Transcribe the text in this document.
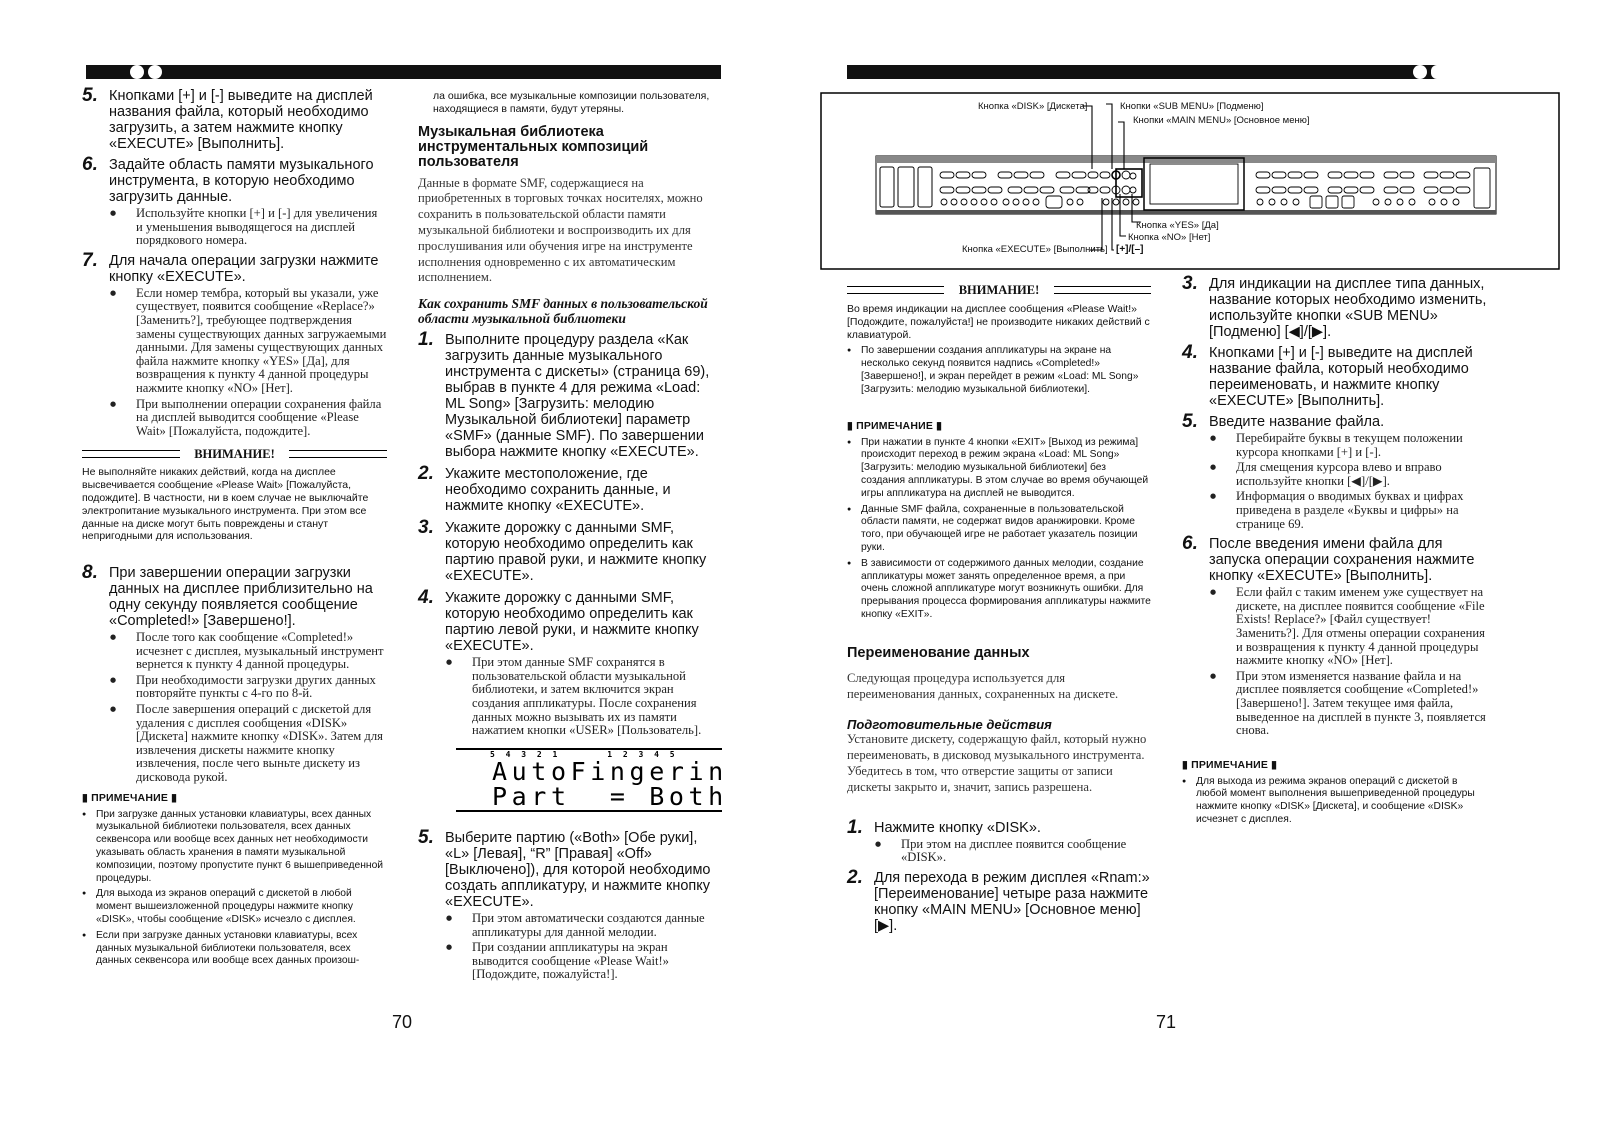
5. Кнопками [+] и [-] выведите на дисплей названия файла, который необходимо загрузить, а затем нажмите кнопку «EXECUTE» [Выполнить].
6. Задайте область памяти музыкального инструмента, в которую необходимо загрузить данные.
● Используйте кнопки [+] и [-] для увеличения и уменьшения выводящегося на дисплей порядкового номера.
7. Для начала операции загрузки нажмите кнопку «EXECUTE».
● Если номер тембра, который вы указали, уже существует, появится сообщение «Replace?» [Заменить?], требующее подтверждения замены существующих данных загружаемыми данными. Для замены существующих данных файла нажмите кнопку «YES» [Да], для возвращения к пункту 4 данной процедуры нажмите кнопку «NO» [Нет].
● При выполнении операции сохранения файла на дисплей выводится сообщение «Please Wait» [Пожалуйста, подождите].
ВНИМАНИЕ!
Не выполняйте никаких действий, когда на дисплее высвечивается сообщение «Please Wait» [Пожалуйста, подождите]. В частности, ни в коем случае не выключайте электропитание музыкального инструмента. При этом все данные на диске могут быть повреждены и станут непригодными для использования.
8. При завершении операции загрузки данных на дисплее приблизительно на одну секунду появляется сообщение «Completed!» [Завершено!].
● После того как сообщение «Completed!» исчезнет с дисплея, музыкальный инструмент вернется к пункту 4 данной процедуры.
● При необходимости загрузки других данных повторяйте пункты с 4-го по 8-й.
● После завершения операций с дискетой для удаления с дисплея сообщения «DISK» [Дискета] нажмите кнопку «DISK». Затем для извлечения дискеты нажмите кнопку извлечения, после чего выньте дискету из дисковода рукой.
▮ ПРИМЕЧАНИЕ ▮
● При загрузке данных установки клавиатуры, всех данных музыкальной библиотеки пользователя, всех данных секвенсора или вообще всех данных нет необходимости указывать область хранения в памяти музыкальной композиции, поэтому пропустите пункт 6 вышеприведенной процедуры.
● Для выхода из экранов операций с дискетой в любой момент вышеизложенной процедуры нажмите кнопку «DISK», чтобы сообщение «DISK» исчезло с дисплея.
● Если при загрузке данных установки клавиатуры, всех данных музыкальной библиотеки пользователя, всех данных секвенсора или вообще всех данных произош-
ла ошибка, все музыкальные композиции пользователя, находящиеся в памяти, будут утеряны.
Музыкальная библиотека инструментальных композиций пользователя
Данные в формате SMF, содержащиеся на приобретенных в торговых точках носителях, можно сохранить в пользовательской области памяти музыкальной библиотеки и воспроизводить их для прослушивания или обучения игре на инструменте исполнения одновременно с их автоматическим исполнением.
Как сохранить SMF данных в пользовательской области музыкальной библиотеки
1. Выполните процедуру раздела «Как загрузить данные музыкального инструмента с дискеты» (страница 69), выбрав в пункте 4 для режима «Load: ML Song» [Загрузить: мелодию Музыкальной библиотеки] параметр «SMF» (данные SMF). По завершении выбора нажмите кнопку «EXECUTE».
2. Укажите местоположение, где необходимо сохранить данные, и нажмите кнопку «EXECUTE».
3. Укажите дорожку с данными SMF, которую необходимо определить как партию правой руки, и нажмите кнопку «EXECUTE».
4. Укажите дорожку с данными SMF, которую необходимо определить как партию левой руки, и нажмите кнопку «EXECUTE».
● При этом данные SMF сохранятся в пользовательской области музыкальной библиотеки, и затем включится экран создания аппликатуры. После сохранения данных можно вызывать их из памяти нажатием кнопки «USER» [Пользователь].
5 4 3 2 1      1 2 3 4 5
AutoFingerin
Part  = Both
5. Выберите партию («Both» [Обе руки], «L» [Левая], “R” [Правая] «Off» [Выключено]), для которой необходимо создать аппликатуру, и нажмите кнопку «EXECUTE».
● При этом автоматически создаются данные аппликатуры для данной мелодии.
● При создании аппликатуры на экран выводится сообщение «Please Wait!» [Подождите, пожалуйста!].
70	71
Кнопка «DISK» [Дискета]	Кнопки «SUB MENU» [Подменю]
Кнопки «MAIN MENU» [Основное меню]
Кнопка «YES» [Да]
Кнопка «NO» [Нет]
Кнопка «EXECUTE» [Выполнить] [+]/[–]
ВНИМАНИЕ!
Во время индикации на дисплее сообщения «Please Wait!» [Подождите, пожалуйста!] не производите никаких действий с клавиатурой.
● По завершении создания аппликатуры на экране на несколько секунд появится надпись «Completed!» [Завершено!], и экран перейдет в режим «Load: ML Song» [Загрузить: мелодию музыкальной библиотеки].
▮ ПРИМЕЧАНИЕ ▮
● При нажатии в пункте 4 кнопки «EXIT» [Выход из режима] происходит переход в режим экрана «Load: ML Song» [Загрузить: мелодию музыкальной библиотеки] без создания аппликатуры. В этом случае во время обучающей игры аппликатура на дисплей не выводится.
● Данные SMF файла, сохраненные в пользовательской области памяти, не содержат видов аранжировки. Кроме того, при обучающей игре не работает указатель позиции руки.
● В зависимости от содержимого данных мелодии, создание аппликатуры может занять определенное время, а при очень сложной аппликатуре могут возникнуть ошибки. Для прерывания процесса формирования аппликатуры нажмите кнопку «EXIT».
Переименование данных
Следующая процедура используется для переименования данных, сохраненных на дискете.
Подготовительные действия
Установите дискету, содержащую файл, который нужно переименовать, в дисковод музыкального инструмента. Убедитесь в том, что отверстие защиты от записи дискеты закрыто и, значит, запись разрешена.
1. Нажмите кнопку «DISK».
● При этом на дисплее появится сообщение «DISK».
2. Для перехода в режим дисплея «Rnam:» [Переименование] четыре раза нажмите кнопку «MAIN MENU» [Основное меню] [▶].
3. Для индикации на дисплее типа данных, название которых необходимо изменить, используйте кнопки «SUB MENU» [Подменю] [◀]/[▶].
4. Кнопками [+] и [-] выведите на дисплей название файла, который необходимо переименовать, и нажмите кнопку «EXECUTE» [Выполнить].
5. Введите название файла.
● Перебирайте буквы в текущем положении курсора кнопками [+] и [-].
● Для смещения курсора влево и вправо используйте кнопки [◀]/[▶].
● Информация о вводимых буквах и цифрах приведена в разделе «Буквы и цифры» на странице 69.
6. После введения имени файла для запуска операции сохранения нажмите кнопку «EXECUTE» [Выполнить].
● Если файл с таким именем уже существует на дискете, на дисплее появится сообщение «File Exists! Replace?» [Файл существует! Заменить?]. Для отмены операции сохранения и возвращения к пункту 4 данной процедуры нажмите кнопку «NO» [Нет].
● При этом изменяется название файла и на дисплее появляется сообщение «Completed!» [Завершено!]. Затем текущее имя файла, выведенное на дисплей в пункте 3, появляется снова.
▮ ПРИМЕЧАНИЕ ▮
● Для выхода из режима экранов операций с дискетой в любой момент выполнения вышеприведенной процедуры нажмите кнопку «DISK» [Дискета], и сообщение «DISK» исчезнет с дисплея.
